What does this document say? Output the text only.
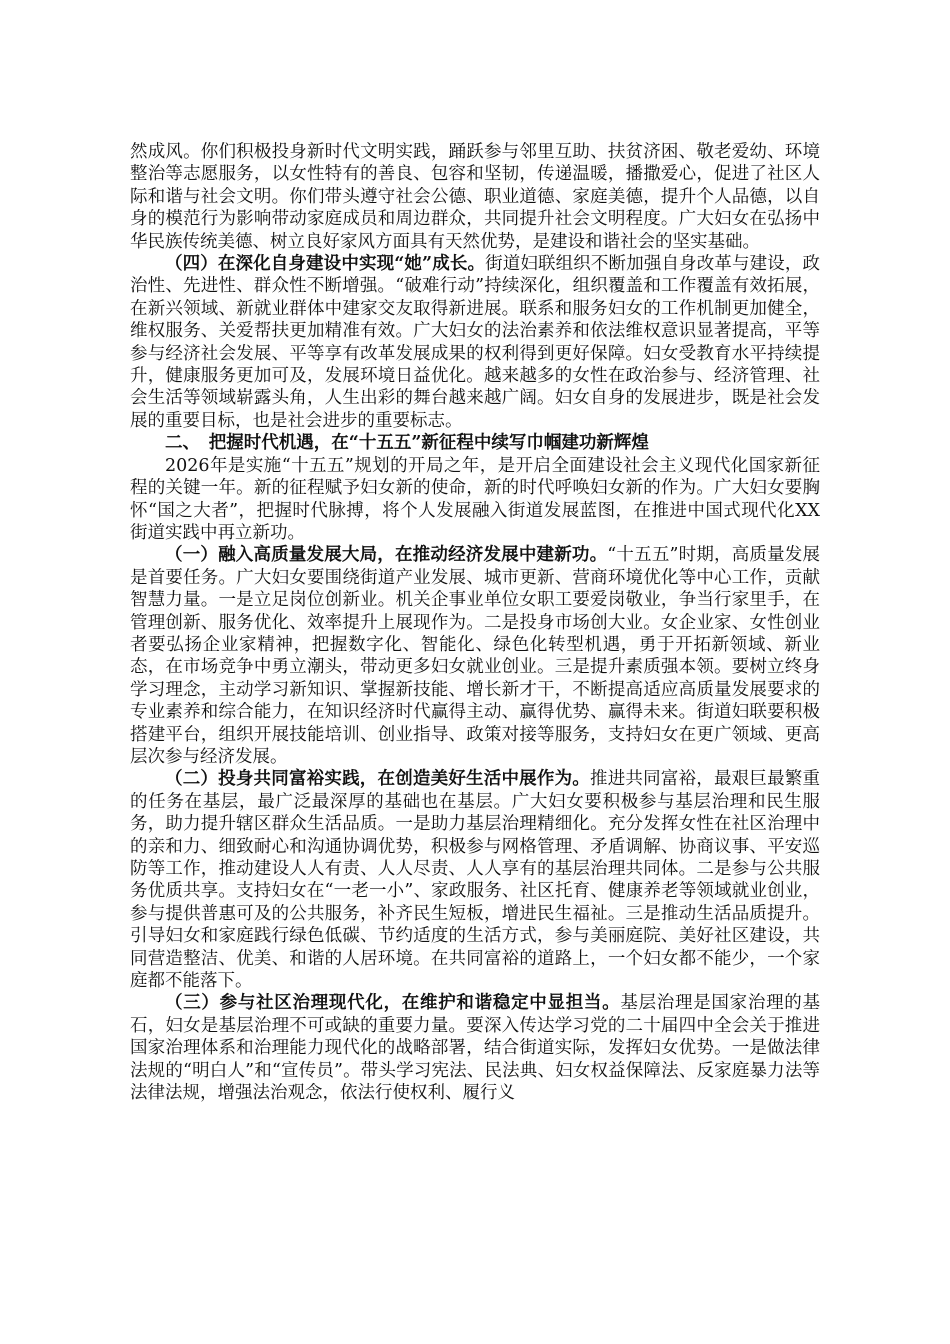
然成风。你们积极投身新时代文明实践，踊跃参与邻里互助、扶贫济困、敬老爱幼、环境整治等志愿服务，以女性特有的善良、包容和坚韧，传递温暖，播撒爱心，促进了社区人际和谐与社会文明。你们带头遵守社会公德、职业道德、家庭美德，提升个人品德，以自身的模范行为影响带动家庭成员和周边群众，共同提升社会文明程度。广大妇女在弘扬中华民族传统美德、树立良好家风方面具有天然优势，是建设和谐社会的坚实基础。

（四）在深化自身建设中实现“她”成长。街道妇联组织不断加强自身改革与建设，政治性、先进性、群众性不断增强。“破难行动”持续深化，组织覆盖和工作覆盖有效拓展，在新兴领域、新就业群体中建家交友取得新进展。联系和服务妇女的工作机制更加健全，维权服务、关爱帮扶更加精准有效。广大妇女的法治素养和依法维权意识显著提高，平等参与经济社会发展、平等享有改革发展成果的权利得到更好保障。妇女受教育水平持续提升，健康服务更加可及，发展环境日益优化。越来越多的女性在政治参与、经济管理、社会生活等领域崭露头角，人生出彩的舞台越来越广阔。妇女自身的发展进步，既是社会发展的重要目标，也是社会进步的重要标志。

二、　把握时代机遇，在“十五五”新征程中续写巾帼建功新辉煌

2026年是实施“十五五”规划的开局之年，是开启全面建设社会主义现代化国家新征程的关键一年。新的征程赋予妇女新的使命，新的时代呼唤妇女新的作为。广大妇女要胸怀“国之大者”，把握时代脉搏，将个人发展融入街道发展蓝图，在推进中国式现代化XX街道实践中再立新功。

（一）融入高质量发展大局，在推动经济发展中建新功。“十五五”时期，高质量发展是首要任务。广大妇女要围绕街道产业发展、城市更新、营商环境优化等中心工作，贡献智慧力量。一是立足岗位创新业。机关企事业单位女职工要爱岗敬业，争当行家里手，在管理创新、服务优化、效率提升上展现作为。二是投身市场创大业。女企业家、女性创业者要弘扬企业家精神，把握数字化、智能化、绿色化转型机遇，勇于开拓新领域、新业态，在市场竞争中勇立潮头，带动更多妇女就业创业。三是提升素质强本领。要树立终身学习理念，主动学习新知识、掌握新技能、增长新才干，不断提高适应高质量发展要求的专业素养和综合能力，在知识经济时代赢得主动、赢得优势、赢得未来。街道妇联要积极搭建平台，组织开展技能培训、创业指导、政策对接等服务，支持妇女在更广领域、更高层次参与经济发展。

（二）投身共同富裕实践，在创造美好生活中展作为。推进共同富裕，最艰巨最繁重的任务在基层，最广泛最深厚的基础也在基层。广大妇女要积极参与基层治理和民生服务，助力提升辖区群众生活品质。一是助力基层治理精细化。充分发挥女性在社区治理中的亲和力、细致耐心和沟通协调优势，积极参与网格管理、矛盾调解、协商议事、平安巡防等工作，推动建设人人有责、人人尽责、人人享有的基层治理共同体。二是参与公共服务优质共享。支持妇女在“一老一小”、家政服务、社区托育、健康养老等领域就业创业，参与提供普惠可及的公共服务，补齐民生短板，增进民生福祉。三是推动生活品质提升。引导妇女和家庭践行绿色低碳、节约适度的生活方式，参与美丽庭院、美好社区建设，共同营造整洁、优美、和谐的人居环境。在共同富裕的道路上，一个妇女都不能少，一个家庭都不能落下。

（三）参与社区治理现代化，在维护和谐稳定中显担当。基层治理是国家治理的基石，妇女是基层治理不可或缺的重要力量。要深入传达学习党的二十届四中全会关于推进国家治理体系和治理能力现代化的战略部署，结合街道实际，发挥妇女优势。一是做法律法规的“明白人”和“宣传员”。带头学习宪法、民法典、妇女权益保障法、反家庭暴力法等法律法规，增强法治观念，依法行使权利、履行义
